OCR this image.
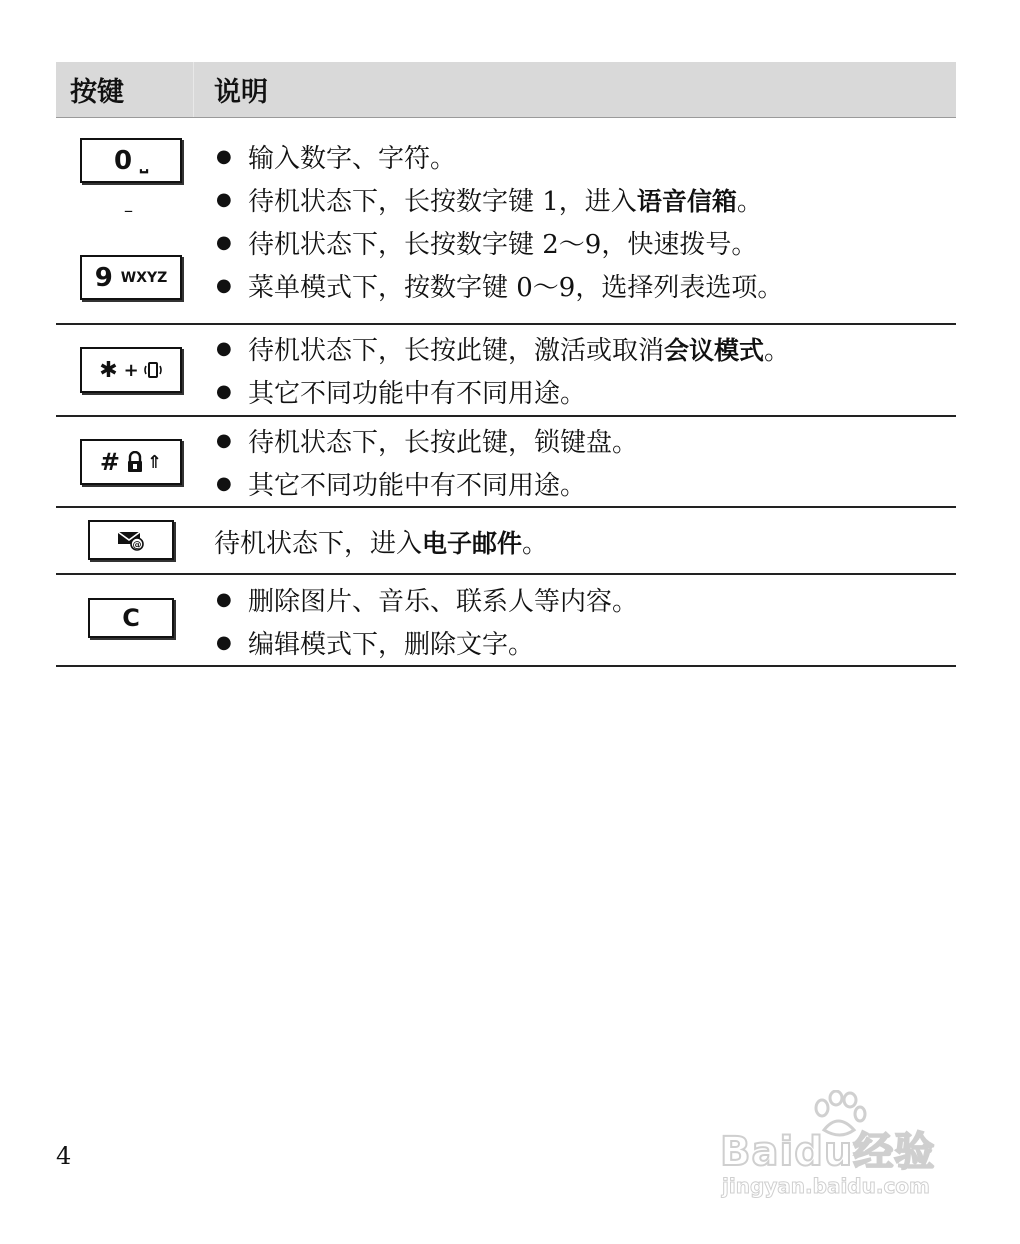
按键	说明
0 ⎵
–
9 WXYZ
● 输入数字、字符。
● 待机状态下，长按数字键 1，进入 语音信箱 。
● 待机状态下，长按数字键 2～9，快速拨号。
● 菜单模式下，按数字键 0～9，选择列表选项。
✱ +
● 待机状态下，长按此键，激活或取消 会议模式 。
● 其它不同功能中有不同用途。
# ⇑
● 待机状态下，长按此键，锁键盘。
● 其它不同功能中有不同用途。
@	待机状态下，进入 电子邮件 。
C
● 删除图片、音乐、联系人等内容。
● 编辑模式下，删除文字。
4	Baidu经验
jingyan.baidu.com
